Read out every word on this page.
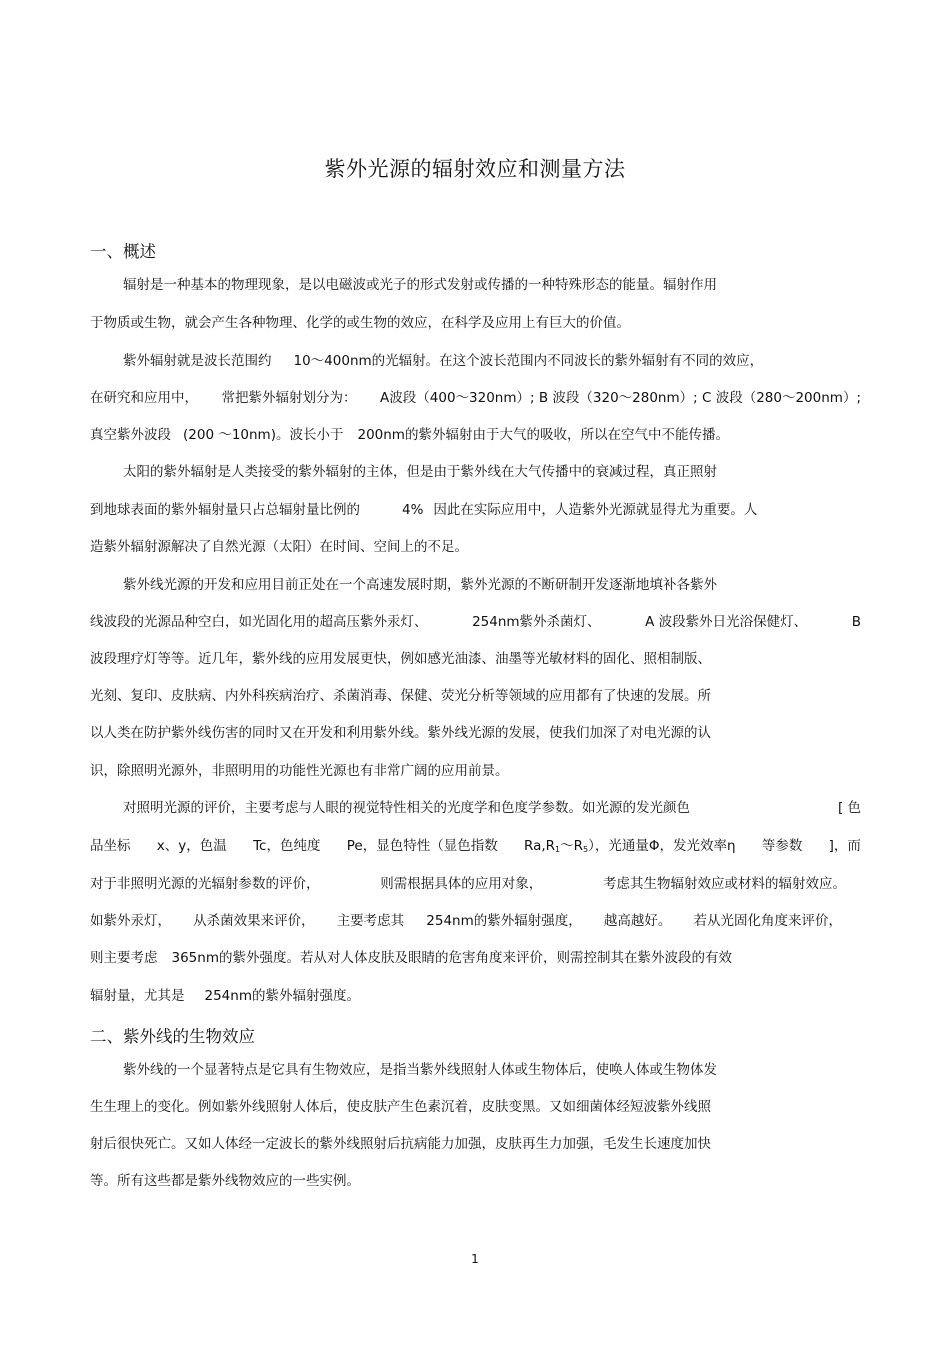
紫外光源的辐射效应和测量方法
一、概述
辐射是一种基本的物理现象，是以电磁波或光子的形式发射或传播的一种特殊形态的能量。辐射作用
于物质或生物，就会产生各种物理、化学的或生物的效应，在科学及应用上有巨大的价值。
紫外辐射就是波长范围约 10～400nm的光辐射。在这个波长范围内不同波长的紫外辐射有不同的效应，
在研究和应用中， 常把紫外辐射划分为： A波段（400～320nm）; B 波段（320～280nm）; C 波段（280～200nm）;
真空紫外波段 (200 ～10nm)。波长小于 200nm的紫外辐射由于大气的吸收，所以在空气中不能传播。
太阳的紫外辐射是人类接受的紫外辐射的主体，但是由于紫外线在大气传播中的衰减过程，真正照射
到地球表面的紫外辐射量只占总辐射量比例的	4% 因此在实际应用中，人造紫外光源就显得尤为重要。人
造紫外辐射源解决了自然光源（太阳）在时间、空间上的不足。
紫外线光源的开发和应用目前正处在一个高速发展时期，紫外光源的不断研制开发逐渐地填补各紫外
线波段的光源品种空白，如光固化用的超高压紫外汞灯、	254nm紫外杀菌灯、	A 波段紫外日光浴保健灯、	B
波段理疗灯等等。近几年，紫外线的应用发展更快，例如感光油漆、油墨等光敏材料的固化、照相制版、
光刻、复印、皮肤病、内外科疾病治疗、杀菌消毒、保健、荧光分析等领域的应用都有了快速的发展。所
以人类在防护紫外线伤害的同时又在开发和利用紫外线。紫外线光源的发展，使我们加深了对电光源的认
识，除照明光源外，非照明用的功能性光源也有非常广阔的应用前景。
对照明光源的评价，主要考虑与人眼的视觉特性相关的光度学和色度学参数。如光源的发光颜色	[ 色
品坐标 x、y，色温 Tc，色纯度 Pe，显色特性（显色指数 $Ra,R_1\sim R_5$），光通量Φ，发光效率η 等参数 ]，而
对于非照明光源的光辐射参数的评价，	则需根据具体的应用对象，	考虑其生物辐射效应或材料的辐射效应。
如紫外汞灯， 从杀菌效果来评价， 主要考虑其 254nm的紫外辐射强度， 越高越好。 若从光固化角度来评价，
则主要考虑 365nm的紫外强度。若从对人体皮肤及眼睛的危害角度来评价，则需控制其在紫外波段的有效
辐射量，尤其是 254nm的紫外辐射强度。
二、紫外线的生物效应
紫外线的一个显著特点是它具有生物效应，是指当紫外线照射人体或生物体后，使唤人体或生物体发
生生理上的变化。例如紫外线照射人体后，使皮肤产生色素沉着，皮肤变黑。又如细菌体经短波紫外线照
射后很快死亡。又如人体经一定波长的紫外线照射后抗病能力加强，皮肤再生力加强，毛发生长速度加快
等。所有这些都是紫外线物效应的一些实例。
1
